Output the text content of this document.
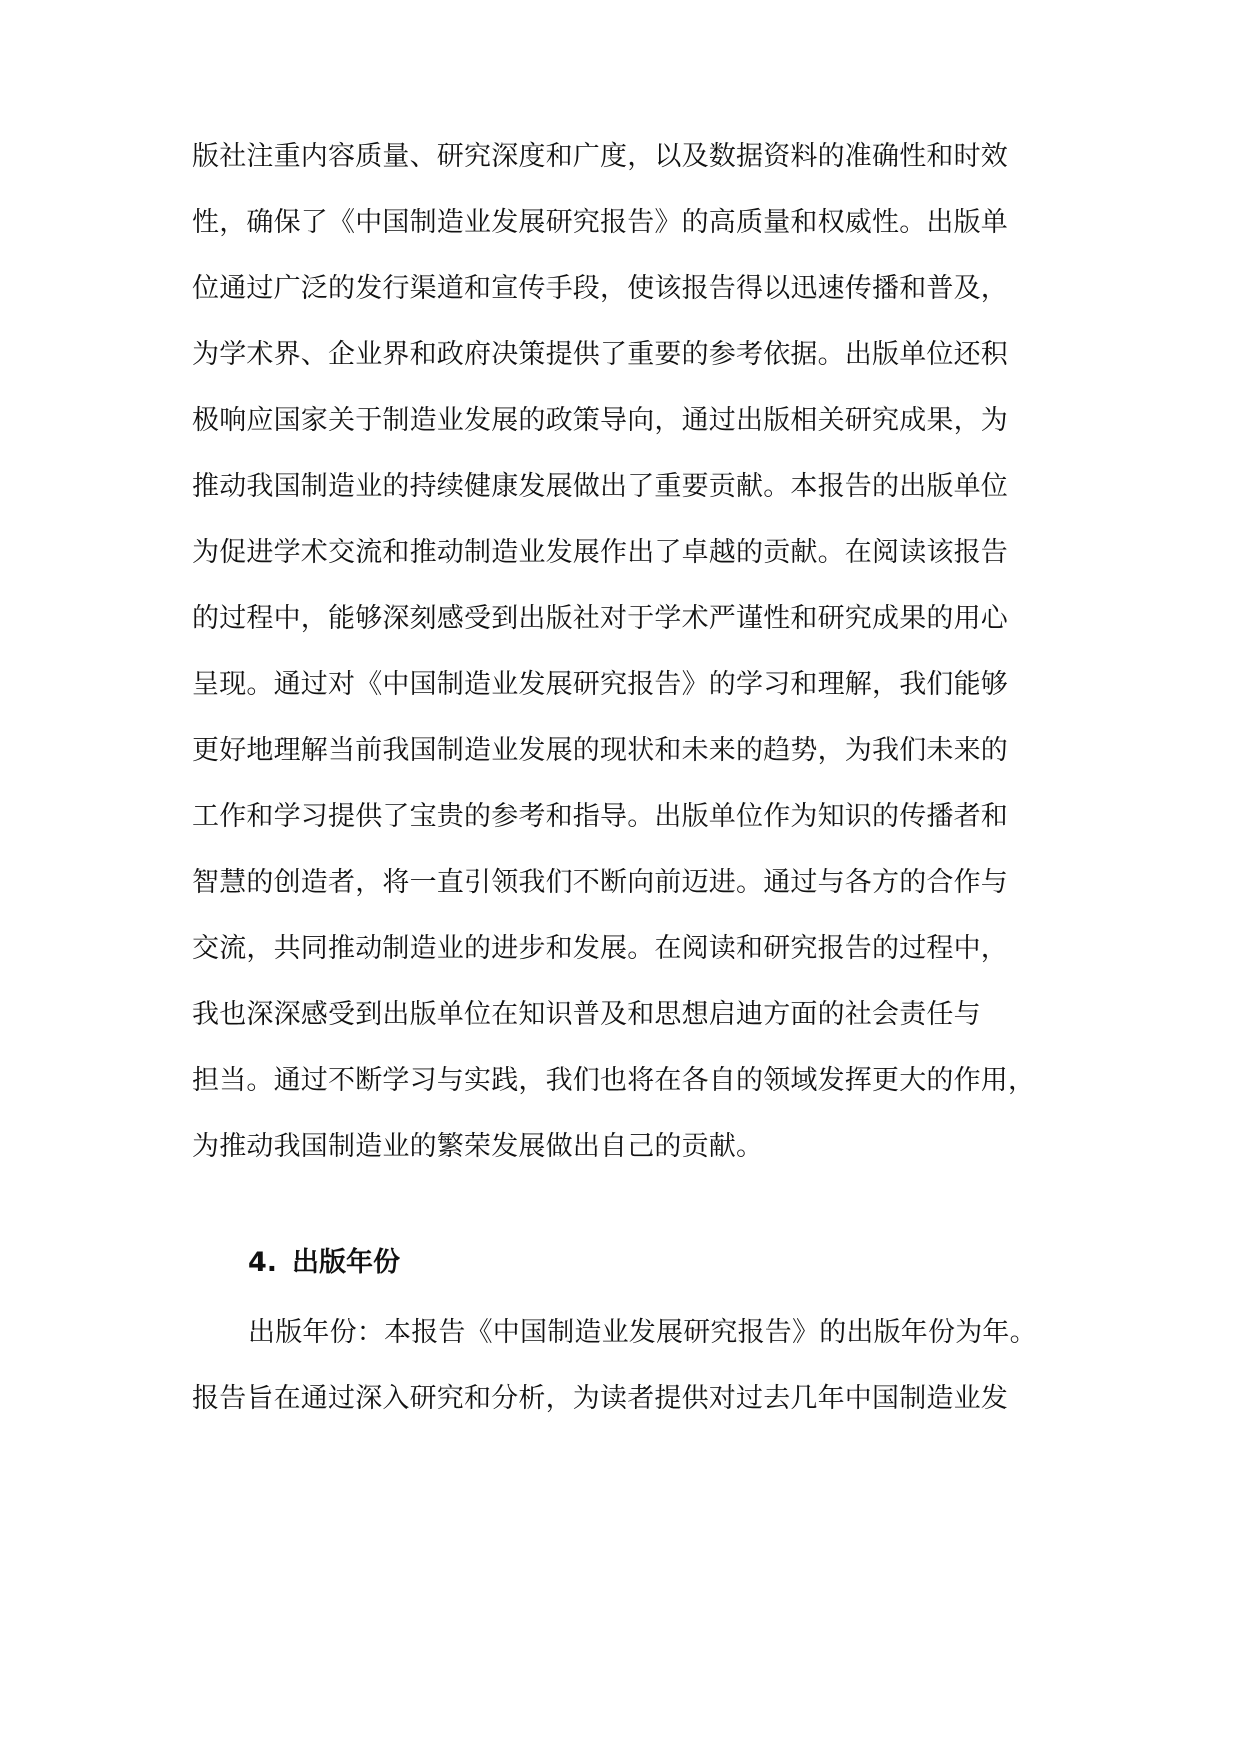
版社注重内容质量、研究深度和广度，以及数据资料的准确性和时效
性，确保了《中国制造业发展研究报告》的高质量和权威性。出版单
位通过广泛的发行渠道和宣传手段，使该报告得以迅速传播和普及，
为学术界、企业界和政府决策提供了重要的参考依据。出版单位还积
极响应国家关于制造业发展的政策导向，通过出版相关研究成果，为
推动我国制造业的持续健康发展做出了重要贡献。本报告的出版单位
为促进学术交流和推动制造业发展作出了卓越的贡献。在阅读该报告
的过程中，能够深刻感受到出版社对于学术严谨性和研究成果的用心
呈现。通过对《中国制造业发展研究报告》的学习和理解，我们能够
更好地理解当前我国制造业发展的现状和未来的趋势，为我们未来的
工作和学习提供了宝贵的参考和指导。出版单位作为知识的传播者和
智慧的创造者，将一直引领我们不断向前迈进。通过与各方的合作与
交流，共同推动制造业的进步和发展。在阅读和研究报告的过程中，
我也深深感受到出版单位在知识普及和思想启迪方面的社会责任与
担当。通过不断学习与实践，我们也将在各自的领域发挥更大的作用，
为推动我国制造业的繁荣发展做出自己的贡献。
4. 出版年份
出版年份：本报告《中国制造业发展研究报告》的出版年份为年。
报告旨在通过深入研究和分析，为读者提供对过去几年中国制造业发
